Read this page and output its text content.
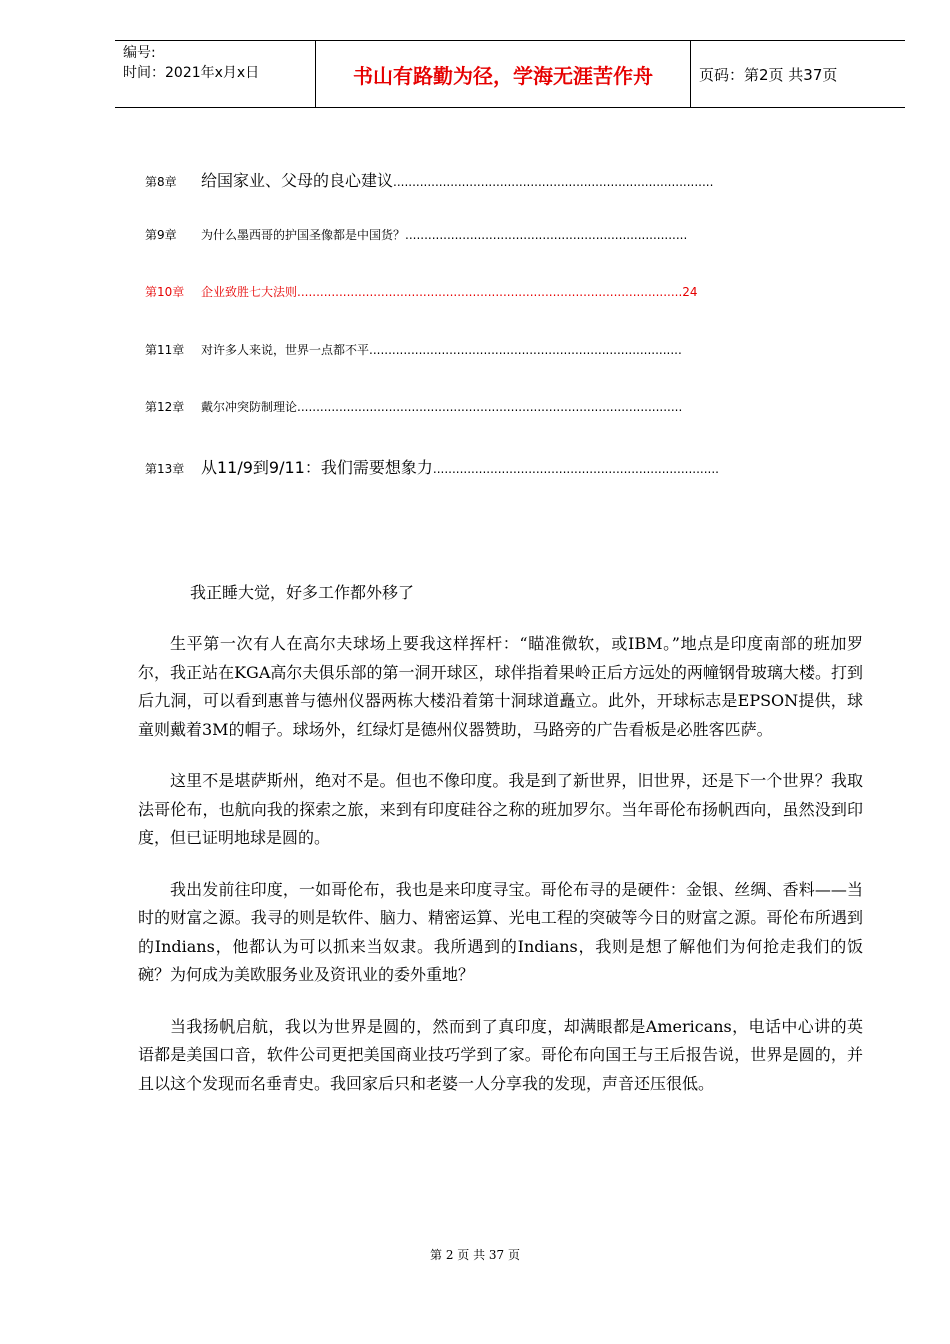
编号:
时间：2021年x月x日	书山有路勤为径，学海无涯苦作舟	页码：第2页 共37页
第8章	给国家业、父母的良心建议 ....................................................................................
第9章	为什么墨西哥的护国圣像都是中国货？ ..........................................................................
第10章	企业致胜七大法则 ..................................................................................................... 24
第11章	对许多人来说，世界一点都不平 ..................................................................................
第12章	戴尔冲突防制理论 .....................................................................................................
第13章	从11/9到9/11：我们需要想象力 ...........................................................................
我正睡大觉，好多工作都外移了

生平第一次有人在高尔夫球场上要我这样挥杆：“瞄准微软，或IBM。”地点是印度南部的班加罗尔，我正站在KGA高尔夫俱乐部的第一洞开球区，球伴指着果岭正后方远处的两幢钢骨玻璃大楼。打到后九洞，可以看到惠普与德州仪器两栋大楼沿着第十洞球道矗立。此外，开球标志是EPSON提供，球童则戴着3M的帽子。球场外，红绿灯是德州仪器赞助，马路旁的广告看板是必胜客匹萨。

这里不是堪萨斯州，绝对不是。但也不像印度。我是到了新世界，旧世界，还是下一个世界？我取法哥伦布，也航向我的探索之旅，来到有印度硅谷之称的班加罗尔。当年哥伦布扬帆西向，虽然没到印度，但已证明地球是圆的。

我出发前往印度，一如哥伦布，我也是来印度寻宝。哥伦布寻的是硬件：金银、丝绸、香料——当时的财富之源。我寻的则是软件、脑力、精密运算、光电工程的突破等今日的财富之源。哥伦布所遇到的Indians，他都认为可以抓来当奴隶。我所遇到的Indians，我则是想了解他们为何抢走我们的饭碗？为何成为美欧服务业及资讯业的委外重地？

当我扬帆启航，我以为世界是圆的，然而到了真印度，却满眼都是Americans，电话中心讲的英语都是美国口音，软件公司更把美国商业技巧学到了家。哥伦布向国王与王后报告说，世界是圆的，并且以这个发现而名垂青史。我回家后只和老婆一人分享我的发现，声音还压很低。

第 2 页 共 37 页
